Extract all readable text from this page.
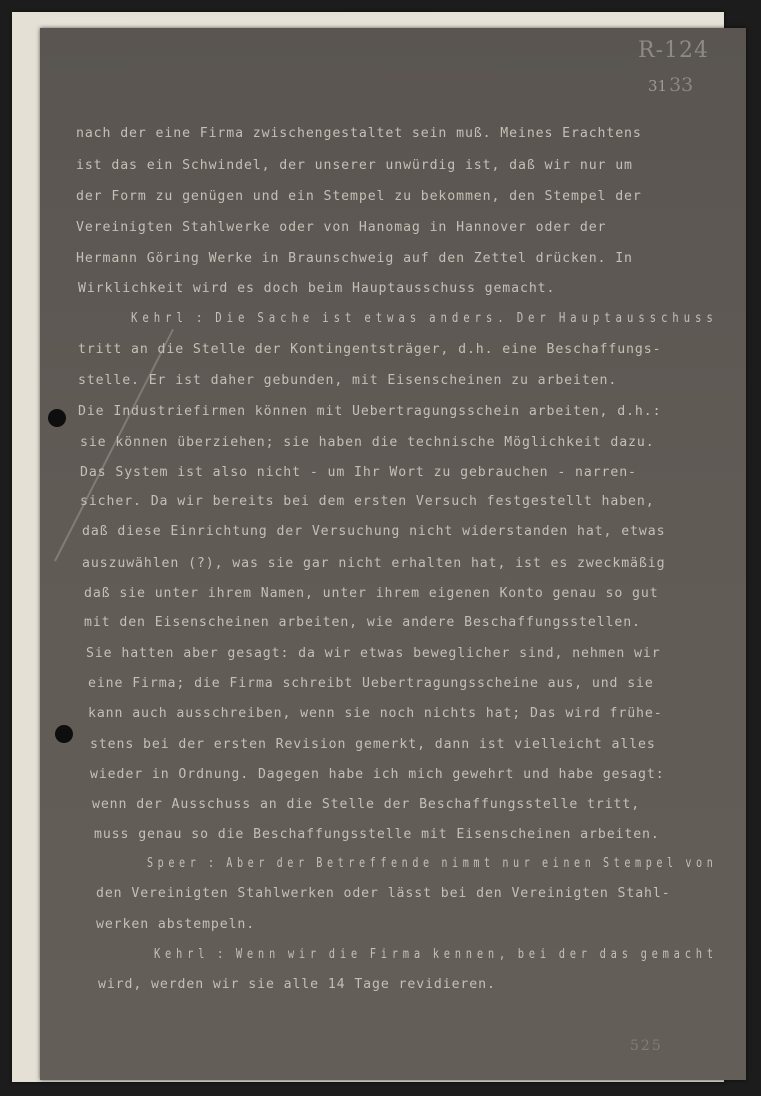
R-124
31 33
nach der eine Firma zwischengestaltet sein muß. Meines Erachtens
ist das ein Schwindel, der unserer unwürdig ist, daß wir nur um
der Form zu genügen und ein Stempel zu bekommen, den Stempel der
Vereinigten Stahlwerke oder von Hanomag in Hannover oder der
Hermann Göring Werke in Braunschweig auf den Zettel drücken. In
Wirklichkeit wird es doch beim Hauptausschuss gemacht.
Kehrl : Die Sache ist etwas anders. Der Hauptausschuss
tritt an die Stelle der Kontingentsträger, d.h. eine Beschaffungs-
stelle. Er ist daher gebunden, mit Eisenscheinen zu arbeiten.
Die Industriefirmen können mit Uebertragungsschein arbeiten, d.h.:
sie können überziehen; sie haben die technische Möglichkeit dazu.
Das System ist also nicht - um Ihr Wort zu gebrauchen - narren-
sicher. Da wir bereits bei dem ersten Versuch festgestellt haben,
daß diese Einrichtung der Versuchung nicht widerstanden hat, etwas
auszuwählen (?), was sie gar nicht erhalten hat, ist es zweckmäßig
daß sie unter ihrem Namen, unter ihrem eigenen Konto genau so gut
mit den Eisenscheinen arbeiten, wie andere Beschaffungsstellen.
Sie hatten aber gesagt: da wir etwas beweglicher sind, nehmen wir
eine Firma; die Firma schreibt Uebertragungsscheine aus, und sie
kann auch ausschreiben, wenn sie noch nichts hat; Das wird frühe-
stens bei der ersten Revision gemerkt, dann ist vielleicht alles
wieder in Ordnung. Dagegen habe ich mich gewehrt und habe gesagt:
wenn der Ausschuss an die Stelle der Beschaffungsstelle tritt,
muss genau so die Beschaffungsstelle mit Eisenscheinen arbeiten.
Speer : Aber der Betreffende nimmt nur einen Stempel von
den Vereinigten Stahlwerken oder lässt bei den Vereinigten Stahl-
werken abstempeln.
Kehrl : Wenn wir die Firma kennen, bei der das gemacht
wird, werden wir sie alle 14 Tage revidieren.
525
